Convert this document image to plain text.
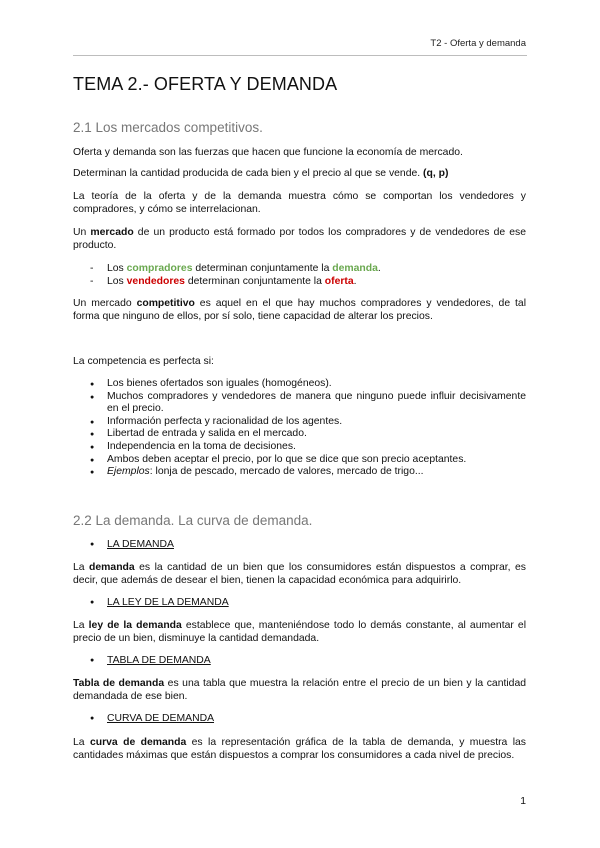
T2 - Oferta y demanda
TEMA 2.- OFERTA Y DEMANDA
2.1 Los mercados competitivos.

Oferta y demanda son las fuerzas que hacen que funcione la economía de mercado.

Determinan la cantidad producida de cada bien y el precio al que se vende. (q, p)

La teoría de la oferta y de la demanda muestra cómo se comportan los vendedores y compradores, y cómo se interrelacionan.

Un mercado de un producto está formado por todos los compradores y de vendedores de ese producto.

- Los compradores determinan conjuntamente la demanda.
- Los vendedores determinan conjuntamente la oferta.

Un mercado competitivo es aquel en el que hay muchos compradores y vendedores, de tal forma que ninguno de ellos, por sí solo, tiene capacidad de alterar los precios.

La competencia es perfecta si:

● Los bienes ofertados son iguales (homogéneos).
● Muchos compradores y vendedores de manera que ninguno puede influir decisivamente en el precio.
● Información perfecta y racionalidad de los agentes.
● Libertad de entrada y salida en el mercado.
● Independencia en la toma de decisiones.
● Ambos deben aceptar el precio, por lo que se dice que son precio aceptantes.
● Ejemplos: lonja de pescado, mercado de valores, mercado de trigo...
2.2 La demanda. La curva de demanda.
● LA DEMANDA

La demanda es la cantidad de un bien que los consumidores están dispuestos a comprar, es decir, que además de desear el bien, tienen la capacidad económica para adquirirlo.

● LA LEY DE LA DEMANDA

La ley de la demanda establece que, manteniéndose todo lo demás constante, al aumentar el precio de un bien, disminuye la cantidad demandada.

● TABLA DE DEMANDA

Tabla de demanda es una tabla que muestra la relación entre el precio de un bien y la cantidad demandada de ese bien.

● CURVA DE DEMANDA

La curva de demanda es la representación gráfica de la tabla de demanda, y muestra las cantidades máximas que están dispuestos a comprar los consumidores a cada nivel de precios.

1
